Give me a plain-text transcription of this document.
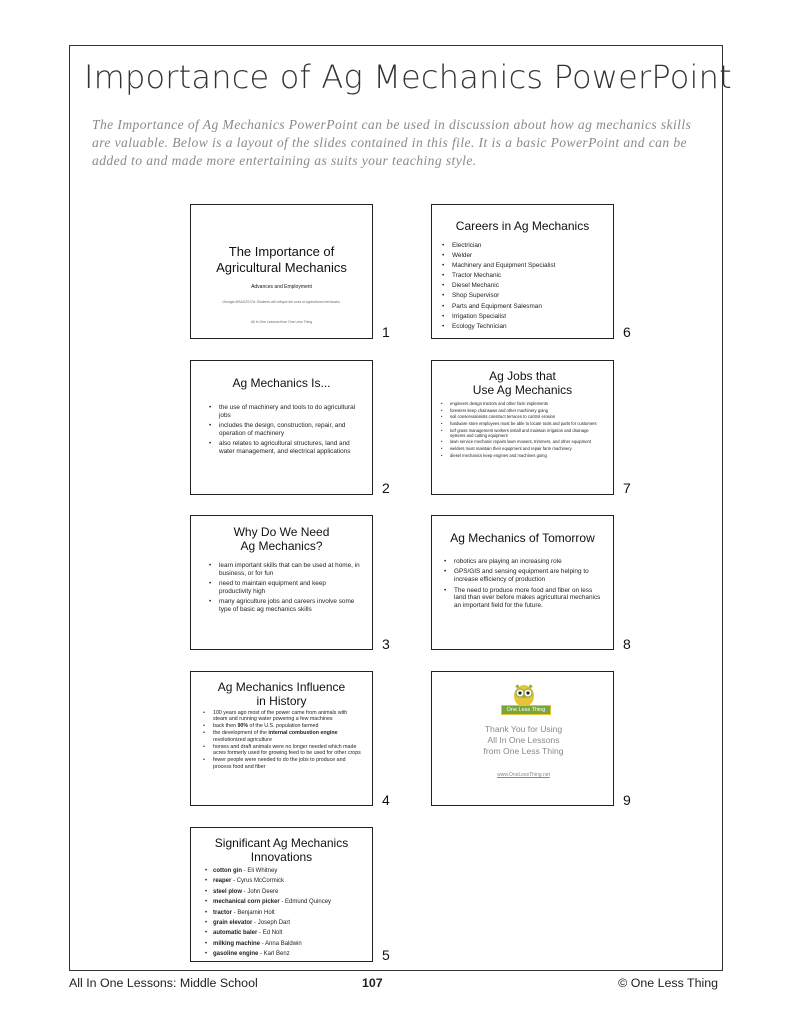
Importance of Ag Mechanics PowerPoint
The Importance of Ag Mechanics PowerPoint can be used in discussion about how ag mechanics skills are valuable. Below is a layout of the slides contained in this file. It is a basic PowerPoint and can be added to and made more entertaining as suits your teaching style.
The Importance of Agricultural Mechanics
Advances and Employment
Georgia MSAG2017d: Students will critique the uses of agricultural mechanics.
All In One Lessons from One Less Thing
1
Ag Mechanics Is...
• the use of machinery and tools to do agricultural jobs
• includes the design, construction, repair, and operation of machinery
• also relates to agricultural structures, land and water management, and electrical applications
2
Why Do We Need
Ag Mechanics?
• learn important skills that can be used at home, in business, or for fun
• need to maintain equipment and keep productivity high
• many agriculture jobs and careers involve some type of basic ag mechanics skills
3
Ag Mechanics Influence
in History
• 100 years ago most of the power came from animals with steam and running water powering a few machines
• back then 90% of the U.S. population farmed
• the development of the internal combustion engine revolutionized agriculture
• horses and draft animals were no longer needed which made acres formerly used for growing feed to be used for other crops
• fewer people were needed to do the jobs to produce and process food and fiber
4
Significant Ag Mechanics
Innovations
• cotton gin - Eli Whitney
• reaper - Cyrus McCormick
• steel plow - John Deere
• mechanical corn picker - Edmund Quincey
• tractor - Benjamin Holt
• grain elevator - Joseph Dart
• automatic baler - Ed Nolt
• milking machine - Anna Baldwin
• gasoline engine - Karl Benz	5
Careers in Ag Mechanics
• Electrician
• Welder
• Machinery and Equipment Specialist
• Tractor Mechanic
• Diesel Mechanic
• Shop Supervisor
• Parts and Equipment Salesman
• Irrigation Specialist
• Ecology Technician	6
Ag Jobs that
Use Ag Mechanics
• engineers design tractors and other farm implements
• foresters keep chainsaws and other machinery going
• soil conservationists construct terraces to control erosion
• hardware store employees must be able to locate tools and parts for customers
• turf grass management workers install and maintain irrigation and drainage systems and cutting equipment
• lawn service mechanic repairs lawn mowers, trimmers, and other equipment
• welders must maintain their equipment and repair farm machinery
• diesel mechanics keep engines and machines going
7
Ag Mechanics of Tomorrow
• robotics are playing an increasing role
• GPS/GIS and sensing equipment are helping to increase efficiency of production
• The need to produce more food and fiber on less land than ever before makes agricultural mechanics an important field for the future.
8
One Less Thing
Thank You for Using
All In One Lessons
from One Less Thing
www.OneLessThing.net
9
All In One Lessons: Middle School	107	© One Less Thing
